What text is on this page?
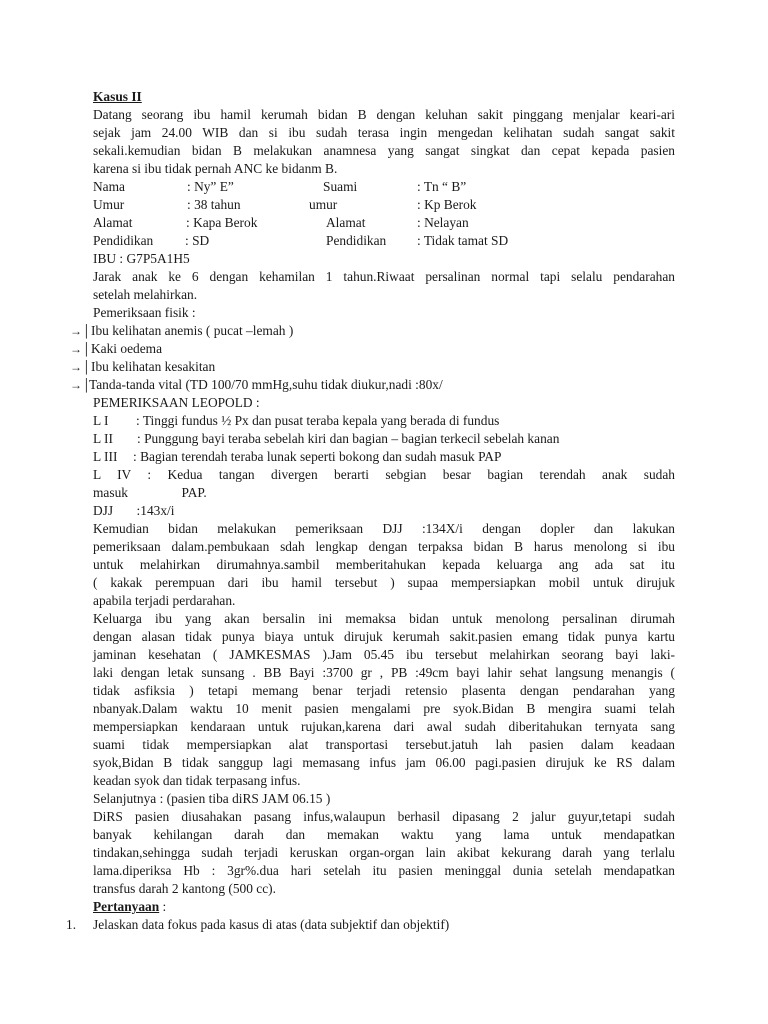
Kasus II
Datang seorang ibu hamil kerumah bidan B dengan keluhan sakit pinggang menjalar keari-ari
sejak jam 24.00 WIB dan si ibu sudah terasa ingin mengedan kelihatan sudah sangat sakit
sekali.kemudian bidan B melakukan anamnesa yang sangat singkat dan cepat kepada pasien
karena si ibu tidak pernah ANC ke bidanm B.
Nama	: Ny” E”	Suami	: Tn “ B”
Umur	: 38 tahun	umur	: Kp Berok
Alamat	: Kapa Berok	Alamat	: Nelayan
Pendidikan : SD	Pendidikan : Tidak tamat SD
IBU : G7P5A1H5
Jarak anak ke 6 dengan kehamilan 1 tahun.Riwaat persalinan normal tapi selalu pendarahan
setelah melahirkan.
Pemeriksaan fisik :
→│ Ibu kelihatan anemis ( pucat –lemah )
→│ Kaki oedema
→│ Ibu kelihatan kesakitan
→│
Tanda-tanda vital (TD 100/70 mmHg,suhu tidak diukur,nadi :80x/
PEMERIKSAAN LEOPOLD :
L I : Tinggi fundus ½ Px dan pusat teraba kepala yang berada di fundus
L II : Punggung bayi teraba sebelah kiri dan bagian – bagian terkecil sebelah kanan
L III : Bagian terendah teraba lunak seperti bokong dan sudah masuk PAP
L IV : Kedua tangan divergen berarti sebgian besar bagian terendah anak sudah
masuk                PAP.
DJJ       :143x/i
Kemudian bidan melakukan pemeriksaan DJJ :134X/i dengan dopler dan lakukan
pemeriksaan dalam.pembukaan sdah lengkap dengan terpaksa bidan B harus menolong si ibu
untuk melahirkan dirumahnya.sambil memberitahukan kepada keluarga ang ada sat itu
( kakak perempuan dari ibu hamil tersebut ) supaa mempersiapkan mobil untuk dirujuk
apabila terjadi perdarahan.
Keluarga ibu yang akan bersalin ini memaksa bidan untuk menolong persalinan dirumah
dengan alasan tidak punya biaya untuk dirujuk kerumah sakit.pasien emang tidak punya kartu
jaminan kesehatan ( JAMKESMAS ).Jam 05.45 ibu tersebut melahirkan seorang bayi laki-
laki dengan letak sunsang . BB Bayi :3700 gr , PB :49cm bayi lahir sehat langsung menangis (
tidak asfiksia ) tetapi memang benar terjadi retensio plasenta dengan pendarahan yang
nbanyak.Dalam waktu 10 menit pasien mengalami pre syok.Bidan B mengira suami telah
mempersiapkan kendaraan untuk rujukan,karena dari awal sudah diberitahukan ternyata sang
suami tidak mempersiapkan alat transportasi tersebut.jatuh lah pasien dalam keadaan
syok,Bidan B tidak sanggup lagi memasang infus jam 06.00 pagi.pasien dirujuk ke RS dalam
keadan syok dan tidak terpasang infus.
Selanjutnya : (pasien tiba diRS JAM 06.15 )
DiRS pasien diusahakan pasang infus,walaupun berhasil dipasang 2 jalur guyur,tetapi sudah
banyak kehilangan darah dan memakan waktu yang lama untuk mendapatkan
tindakan,sehingga sudah terjadi keruskan organ-organ lain akibat kekurang darah yang terlalu
lama.diperiksa Hb : 3gr%.dua hari setelah itu pasien meninggal dunia setelah mendapatkan
transfus darah 2 kantong (500 cc).
Pertanyaan :
1. Jelaskan data fokus pada kasus di atas (data subjektif dan objektif)
